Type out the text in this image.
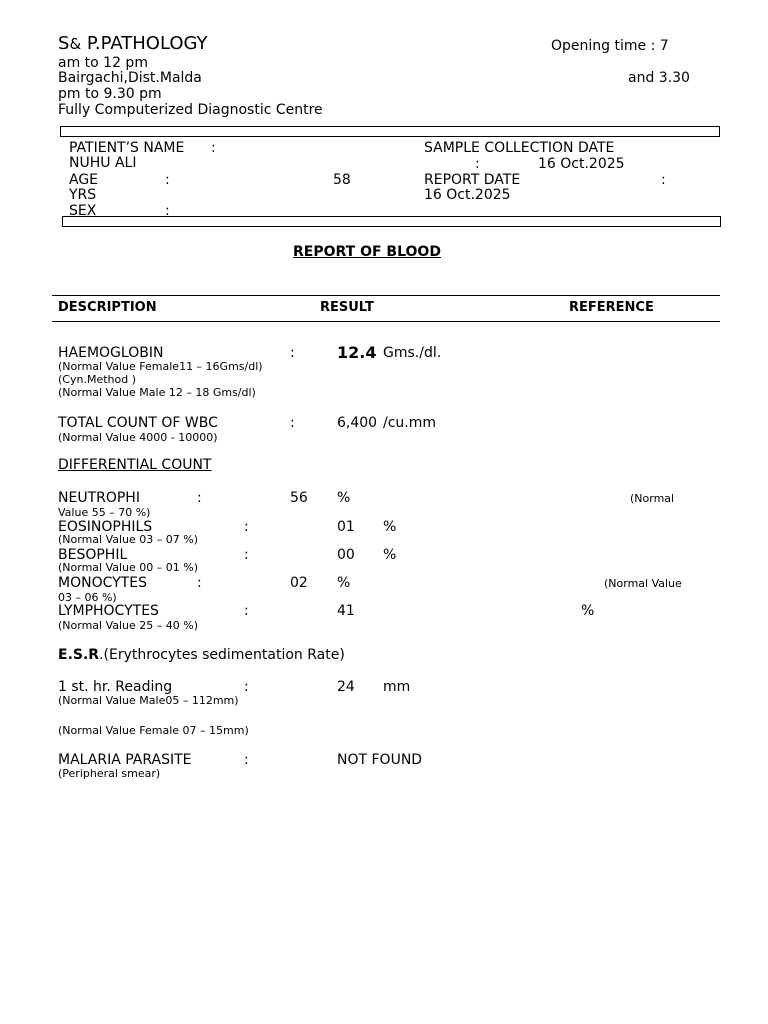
S& P.PATHOLOGY	Opening time : 7
am to 12 pm
Bairgachi,Dist.Malda	and 3.30
pm to 9.30 pm
Fully Computerized Diagnostic Centre
PATIENT’S NAME :
NUHU ALI
AGE	:	58
YRS
SEX	:
SAMPLE COLLECTION DATE
:	16 Oct.2025
REPORT DATE	:
16 Oct.2025
REPORT OF BLOOD
DESCRIPTION	RESULT	REFERENCE
HAEMOGLOBIN	:	12.4 Gms./dl.
(Normal Value Female11 – 16Gms/dl)
(Cyn.Method )
(Normal Value Male 12 – 18 Gms/dl)
TOTAL COUNT OF WBC	:	6,400 /cu.mm
(Normal Value 4000 - 10000)
DIFFERENTIAL COUNT
NEUTROPHI	:	56 %	(Normal
Value 55 – 70 %)
EOSINOPHILS	:	01 %
(Normal Value 03 – 07 %)
BESOPHIL	:	00 %
(Normal Value 00 – 01 %)
MONOCYTES	:	02 %	(Normal Value
03 – 06 %)
LYMPHOCYTES	:	41	%
(Normal Value 25 – 40 %)
E.S.R.(Erythrocytes sedimentation Rate)
1 st. hr. Reading	:	24 mm
(Normal Value Male05 – 112mm)
(Normal Value Female 07 – 15mm)
MALARIA PARASITE	:	NOT FOUND
(Peripheral smear)
